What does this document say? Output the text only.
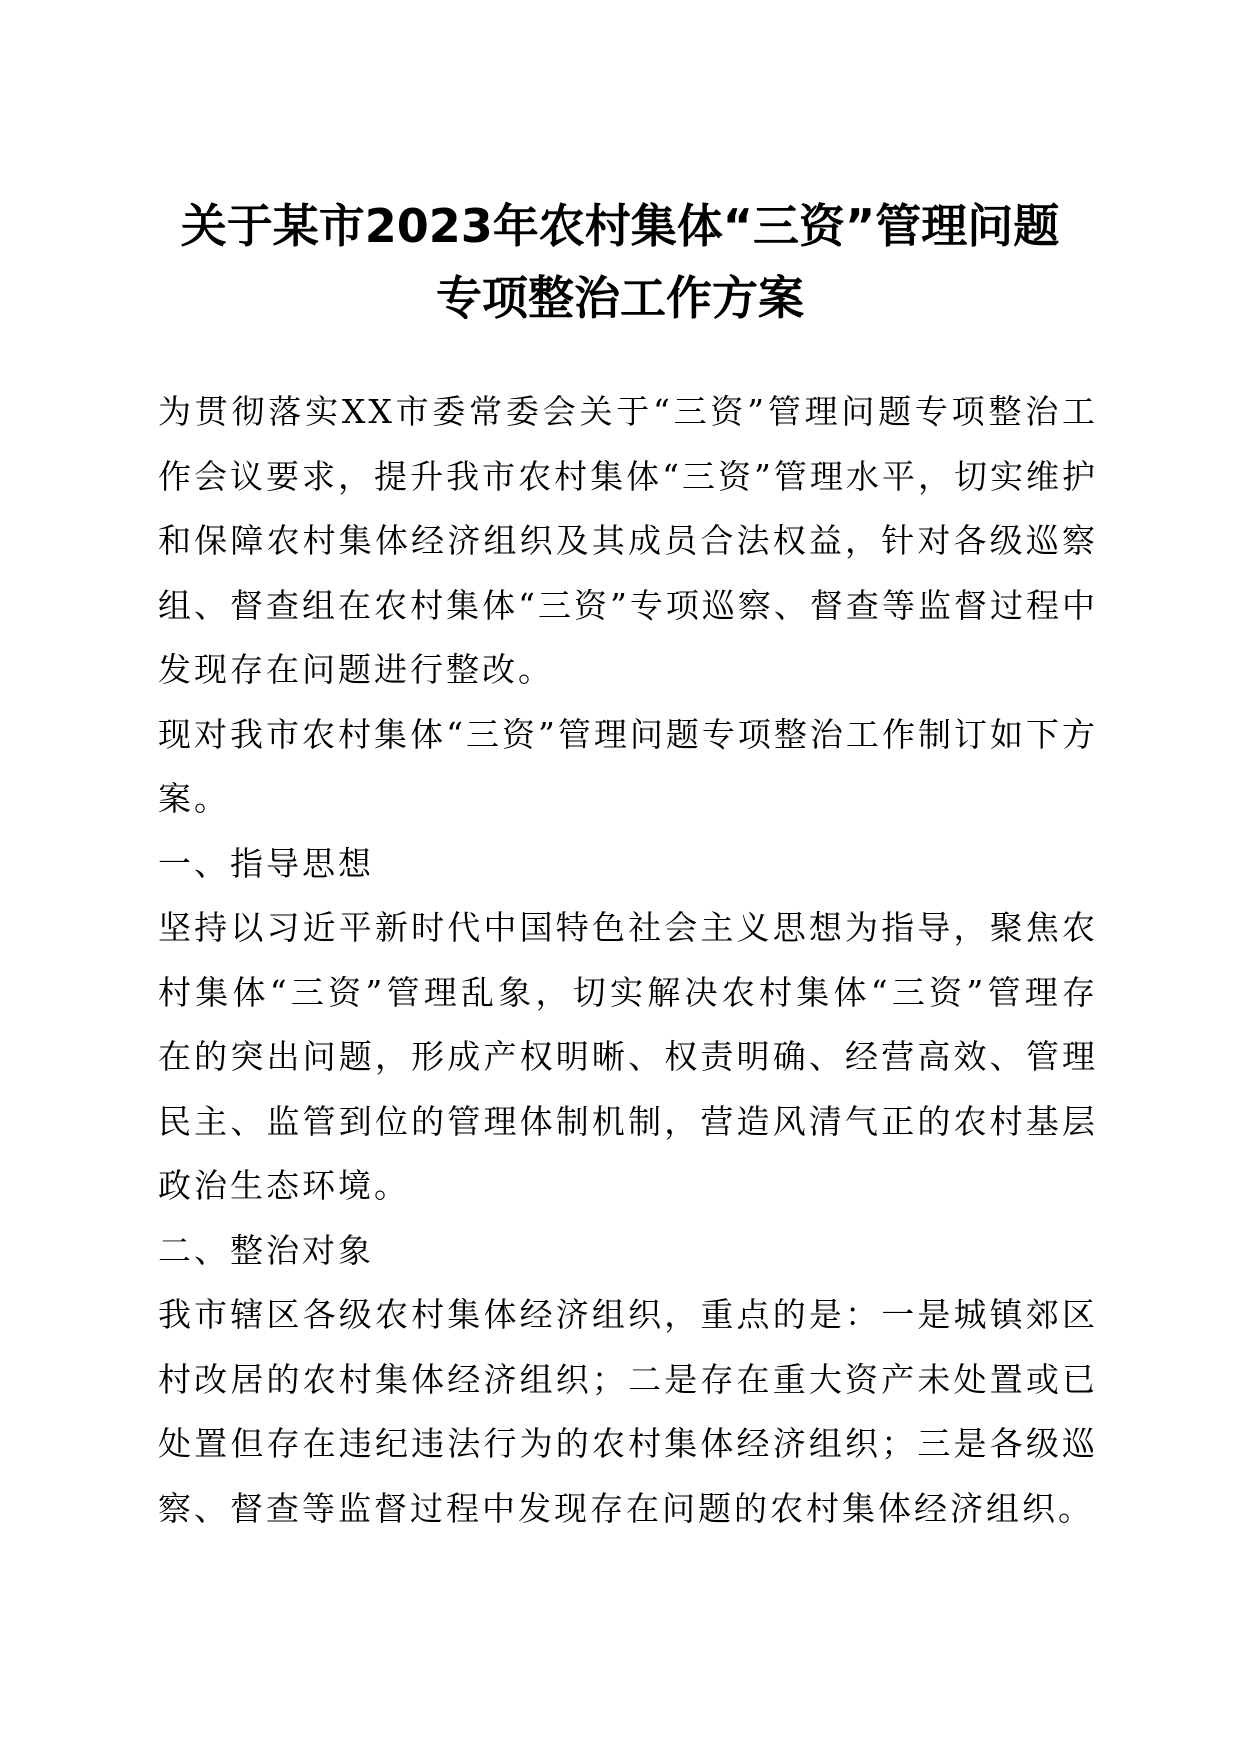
关于某市2023年农村集体“三资”管理问题
专项整治工作方案

为贯彻落实XX市委常委会关于“三资”管理问题专项整治工作会议要求，提升我市农村集体“三资”管理水平，切实维护和保障农村集体经济组织及其成员合法权益，针对各级巡察组、督查组在农村集体“三资”专项巡察、督查等监督过程中发现存在问题进行整改。

现对我市农村集体“三资”管理问题专项整治工作制订如下方案。

一、指导思想

坚持以习近平新时代中国特色社会主义思想为指导，聚焦农村集体“三资”管理乱象，切实解决农村集体“三资”管理存在的突出问题，形成产权明晰、权责明确、经营高效、管理民主、监管到位的管理体制机制，营造风清气正的农村基层政治生态环境。

二、整治对象

我市辖区各级农村集体经济组织，重点的是：一是城镇郊区村改居的农村集体经济组织；二是存在重大资产未处置或已处置但存在违纪违法行为的农村集体经济组织；三是各级巡察、督查等监督过程中发现存在问题的农村集体经济组织。
